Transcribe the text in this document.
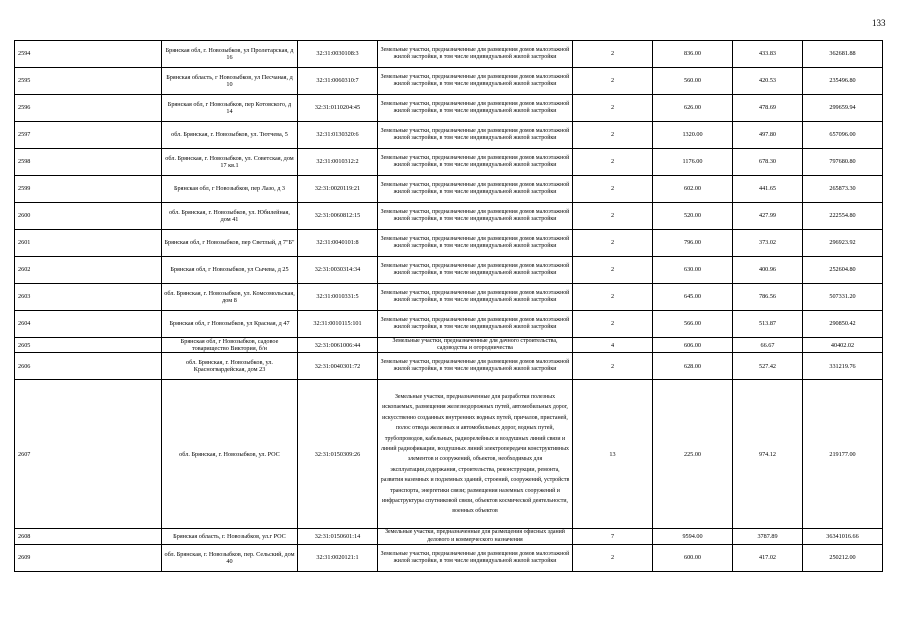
133
2594	Брянская обл, г. Новозыбков, ул Пролетарская, д 16	32:31:0030108:3	Земельные участки, предназначенные для размещения домов малоэтажной жилой застройки, в том числе индивидуальной жилой застройки	2	836.00	433.83	362681.88
2595	Брянская область, г Новозыбков, ул Песчаная, д 10	32:31:0060310:7	Земельные участки, предназначенные для размещения домов малоэтажной жилой застройки, в том числе индивидуальной жилой застройки	2	560.00	420.53	235496.80
2596	Брянская обл, г Новозыбков, пер Котовского, д 14	32:31:0110204:45	Земельные участки, предназначенные для размещения домов малоэтажной жилой застройки, в том числе индивидуальной жилой застройки	2	626.00	478.69	299659.94
2597	обл. Брянская, г. Новозыбков, ул. Тютчева, 5	32:31:0130320:6	Земельные участки, предназначенные для размещения домов малоэтажной жилой застройки, в том числе индивидуальной жилой застройки	2	1320.00	497.80	657096.00
2598	обл. Брянская, г. Новозыбков, ул. Советская, дом 17 кв.1	32:31:0010312:2	Земельные участки, предназначенные для размещения домов малоэтажной жилой застройки, в том числе индивидуальной жилой застройки	2	1176.00	678.30	797680.80
2599	Брянская обл, г Новозыбков, пер Лазо, д 3	32:31:0020119:21	Земельные участки, предназначенные для размещения домов малоэтажной жилой застройки, в том числе индивидуальной жилой застройки	2	602.00	441.65	265873.30
2600	обл. Брянская, г. Новозыбков, ул. Юбилейная, дом 41	32:31:0060812:15	Земельные участки, предназначенные для размещения домов малоэтажной жилой застройки, в том числе индивидуальной жилой застройки	2	520.00	427.99	222554.80
2601	Брянская обл, г Новозыбков, пер Светлый, д 7"Б"	32:31:0040101:8	Земельные участки, предназначенные для размещения домов малоэтажной жилой застройки, в том числе индивидуальной жилой застройки	2	796.00	373.02	296923.92
2602	Брянская обл, г Новозыбков, ул Сычева, д 25	32:31:0030314:34	Земельные участки, предназначенные для размещения домов малоэтажной жилой застройки, в том числе индивидуальной жилой застройки	2	630.00	400.96	252604.80
2603	обл. Брянская, г. Новозыбков, ул. Комсомольская, дом 8	32:31:0010331:5	Земельные участки, предназначенные для размещения домов малоэтажной жилой застройки, в том числе индивидуальной жилой застройки	2	645.00	786.56	507331.20
2604	Брянская обл, г Новозыбков, ул Красная, д 47	32:31:0010115:101	Земельные участки, предназначенные для размещения домов малоэтажной жилой застройки, в том числе индивидуальной жилой застройки	2	566.00	513.87	290850.42
2605	Брянская обл, г Новозыбков, садовое товарищество Виктория, б/н	32:31:0061006:44	Земельные участки, предназначенные для дачного строительства, садоводства и огородничества	4	606.00	66.67	40402.02
2606	обл. Брянская, г. Новозыбков, ул. Красногвардейская, дом 23	32:31:0040301:72	Земельные участки, предназначенные для размещения домов малоэтажной жилой застройки, в том числе индивидуальной жилой застройки	2	628.00	527.42	331219.76
2607	обл. Брянская, г. Новозыбков, ул. РОС	32:31:0150309:26	Земельные участки, предназначенные для разработки полезных ископаемых, размещения железнодорожных путей, автомобильных дорог, искусственно созданных внутренних водных путей, причалов, пристаней, полос отвода железных и автомобильных дорог, водных путей, трубопроводов, кабельных, радиорелейных и воздушных линий связи и линий радиофикации, воздушных линий электропередачи конструктивных элементов и сооружений, объектов, необходимых для эксплуатации,содержания, строительства, реконструкции, ремонта, развития наземных и подземных зданий, строений, сооружений, устройств транспорта, энергетики связи; размещения наземных сооружений и инфраструктуры спутниковой связи, объектов космической деятельности, военных объектов	13	225.00	974.12	219177.00
2608	Брянская область, г. Новозыбков, ул.г РОС	32:31:0150601:14	Земельные участки, предназначенные для размещения офисных зданий делового и коммерческого назначения	7	9594.00	3787.89	36341016.66
2609	обл. Брянская, г. Новозыбков, пер. Сельский, дом 40	32:31:0020121:1	Земельные участки, предназначенные для размещения домов малоэтажной жилой застройки, в том числе индивидуальной жилой застройки	2	600.00	417.02	250212.00
